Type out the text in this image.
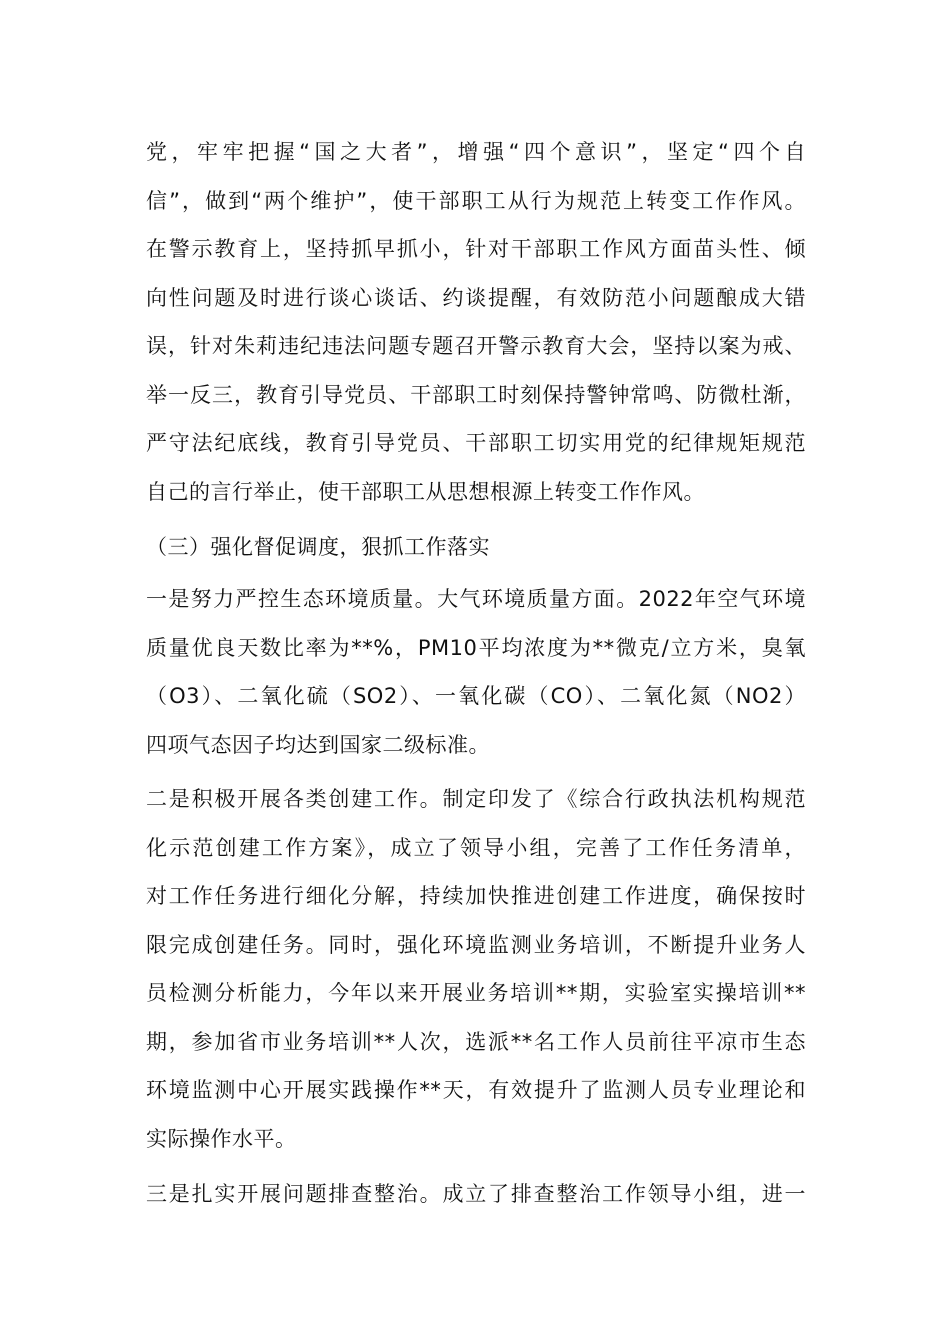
党，牢牢把握“国之大者”，增强“四个意识”，坚定“四个自
信”，做到“两个维护”，使干部职工从行为规范上转变工作作风。
在警示教育上，坚持抓早抓小，针对干部职工作风方面苗头性、倾
向性问题及时进行谈心谈话、约谈提醒，有效防范小问题酿成大错
误，针对朱莉违纪违法问题专题召开警示教育大会，坚持以案为戒、
举一反三，教育引导党员、干部职工时刻保持警钟常鸣、防微杜渐，
严守法纪底线，教育引导党员、干部职工切实用党的纪律规矩规范
自己的言行举止，使干部职工从思想根源上转变工作作风。
（三）强化督促调度，狠抓工作落实
一是努力严控生态环境质量。大气环境质量方面。2022年空气环境
质量优良天数比率为**%，PM10平均浓度为**微克/立方米，臭氧
（O3）、二氧化硫（SO2）、一氧化碳（CO）、二氧化氮（NO2）
四项气态因子均达到国家二级标准。
二是积极开展各类创建工作。制定印发了《综合行政执法机构规范
化示范创建工作方案》，成立了领导小组，完善了工作任务清单，
对工作任务进行细化分解，持续加快推进创建工作进度，确保按时
限完成创建任务。同时，强化环境监测业务培训，不断提升业务人
员检测分析能力，今年以来开展业务培训**期，实验室实操培训**
期，参加省市业务培训**人次，选派**名工作人员前往平凉市生态
环境监测中心开展实践操作**天，有效提升了监测人员专业理论和
实际操作水平。
三是扎实开展问题排查整治。成立了排查整治工作领导小组，进一
